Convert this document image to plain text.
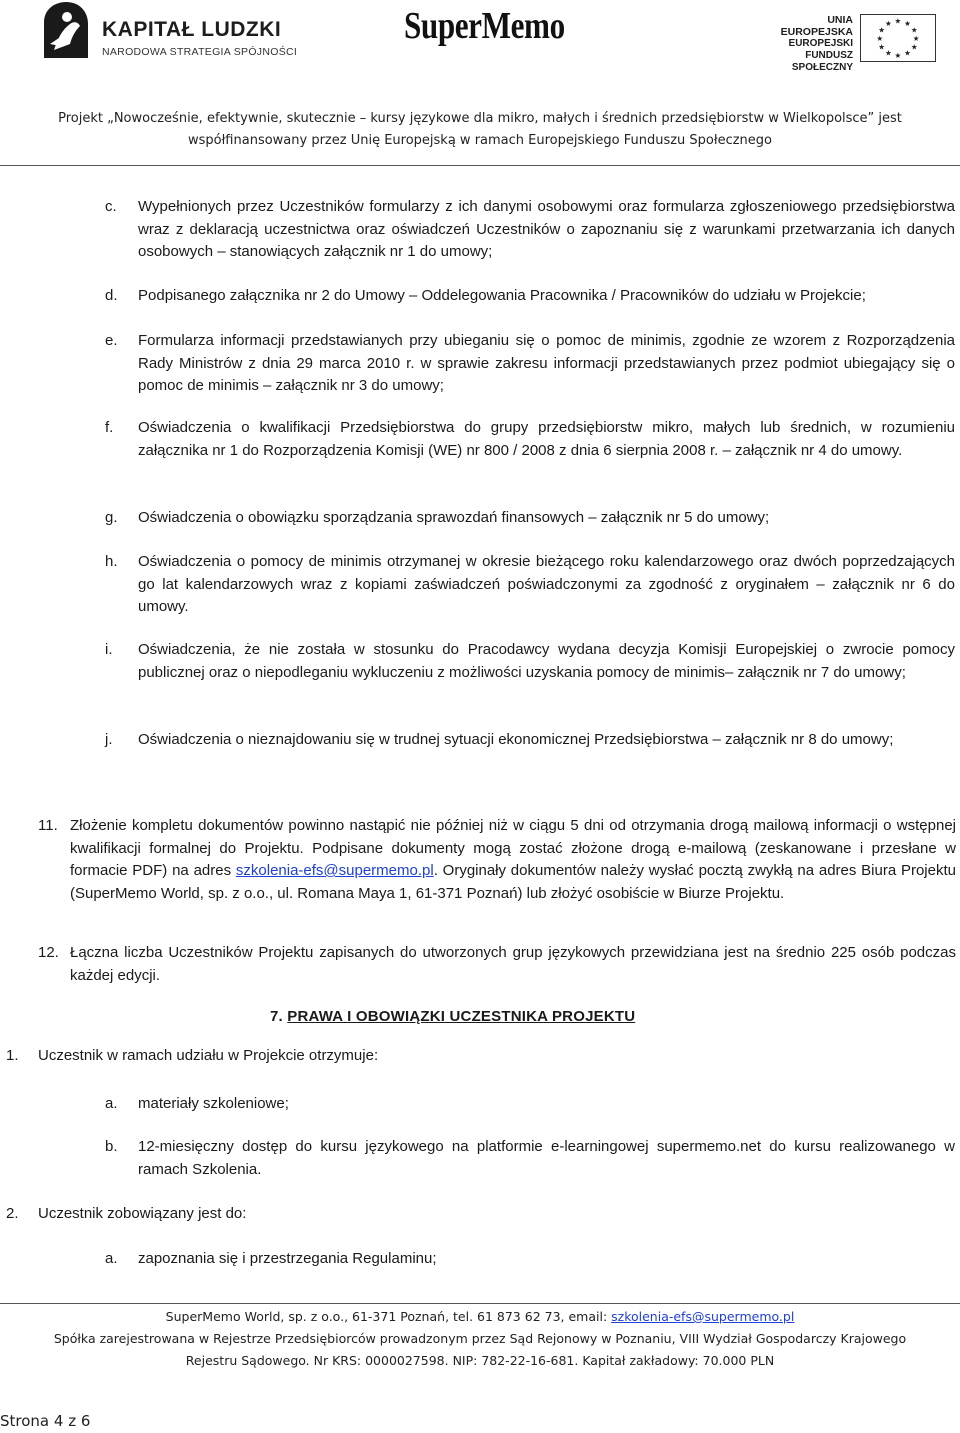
KAPITAŁ LUDZKI
NARODOWA STRATEGIA SPÓJNOŚCI
SuperMemo	UNIA EUROPEJSKA
EUROPEJSKI
FUNDUSZ SPOŁECZNY
★ ★
★
★
★
★
★
★
★
★
★
★
Projekt „Nowocześnie, efektywnie, skutecznie – kursy językowe dla mikro, małych i średnich przedsiębiorstw w Wielkopolsce” jest
współfinansowany przez Unię Europejską w ramach Europejskiego Funduszu Społecznego
c.	Wypełnionych przez Uczestników formularzy z ich danymi osobowymi oraz formularza zgłoszeniowego przedsiębiorstwa wraz z deklaracją uczestnictwa oraz oświadczeń Uczestników o zapoznaniu się z warunkami przetwarzania ich danych osobowych – stanowiących załącznik nr 1 do umowy;
d.	Podpisanego załącznika nr 2 do Umowy – Oddelegowania Pracownika / Pracowników do udziału w Projekcie;
e.	Formularza informacji przedstawianych przy ubieganiu się o pomoc de minimis, zgodnie ze wzorem z Rozporządzenia Rady Ministrów z dnia 29 marca 2010 r. w sprawie zakresu informacji przedstawianych przez podmiot ubiegający się o pomoc de minimis – załącznik nr 3 do umowy;
f.	Oświadczenia o kwalifikacji Przedsiębiorstwa do grupy przedsiębiorstw mikro, małych lub średnich, w rozumieniu załącznika nr 1 do Rozporządzenia Komisji (WE) nr 800 / 2008 z dnia 6 sierpnia 2008 r. – załącznik nr 4 do umowy.
g.	Oświadczenia o obowiązku sporządzania sprawozdań finansowych – załącznik nr 5 do umowy;
h.	Oświadczenia o pomocy de minimis otrzymanej w okresie bieżącego roku kalendarzowego oraz dwóch poprzedzających go lat kalendarzowych wraz z kopiami zaświadczeń poświadczonymi za zgodność z oryginałem – załącznik nr 6 do umowy.
i.	Oświadczenia, że nie została w stosunku do Pracodawcy wydana decyzja Komisji Europejskiej o zwrocie pomocy publicznej oraz o niepodleganiu wykluczeniu z możliwości uzyskania pomocy de minimis– załącznik nr 7 do umowy;
j.	Oświadczenia o nieznajdowaniu się w trudnej sytuacji ekonomicznej Przedsiębiorstwa – załącznik nr 8 do umowy;
11. Złożenie kompletu dokumentów powinno nastąpić nie później niż w ciągu 5 dni od otrzymania drogą mailową informacji o wstępnej kwalifikacji formalnej do Projektu. Podpisane dokumenty mogą zostać złożone drogą e-mailową (zeskanowane i przesłane w formacie PDF) na adres szkolenia-efs@supermemo.pl. Oryginały dokumentów należy wysłać pocztą zwykłą na adres Biura Projektu (SuperMemo World, sp. z o.o., ul. Romana Maya 1, 61-371 Poznań) lub złożyć osobiście w Biurze Projektu.
12. Łączna liczba Uczestników Projektu zapisanych do utworzonych grup językowych przewidziana jest na średnio 225 osób podczas każdej edycji.
7. PRAWA I OBOWIĄZKI UCZESTNIKA PROJEKTU
1. Uczestnik w ramach udziału w Projekcie otrzymuje:
a.	materiały szkoleniowe;
b.	12-miesięczny dostęp do kursu językowego na platformie e-learningowej supermemo.net do kursu realizowanego w ramach Szkolenia.
2. Uczestnik zobowiązany jest do:
a.	zapoznania się i przestrzegania Regulaminu;
SuperMemo World, sp. z o.o., 61-371 Poznań, tel. 61 873 62 73, email: szkolenia-efs@supermemo.pl
Spółka zarejestrowana w Rejestrze Przedsiębiorców prowadzonym przez Sąd Rejonowy w Poznaniu, VIII Wydział Gospodarczy Krajowego
Rejestru Sądowego. Nr KRS: 0000027598. NIP: 782-22-16-681. Kapitał zakładowy: 70.000 PLN
Strona 4 z 6
